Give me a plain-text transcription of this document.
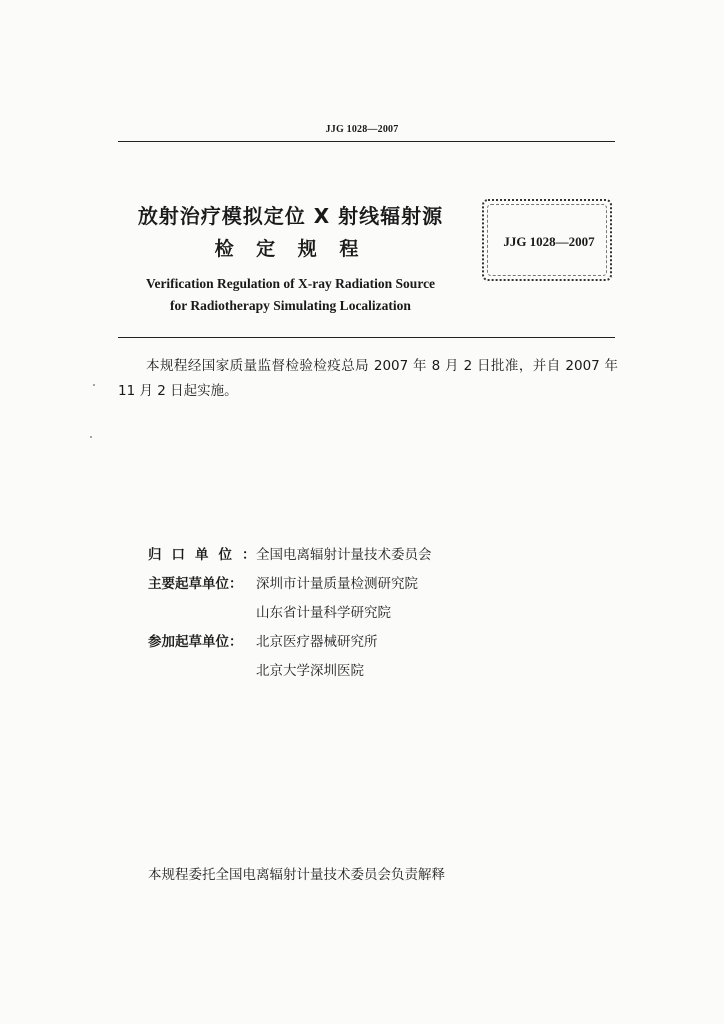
JJG 1028—2007
放射治疗模拟定位 X 射线辐射源
检 定 规 程
Verification Regulation of X-ray Radiation Source
for Radiotherapy Simulating Localization
JJG 1028—2007
本规程经国家质量监督检验检疫总局 2007 年 8 月 2 日批准，并自 2007 年 11 月 2 日起实施。
归口单位：
全国电离辐射计量技术委员会
主要起草单位：	深圳市计量质量检测研究院
山东省计量科学研究院
参加起草单位：	北京医疗器械研究所
北京大学深圳医院
本规程委托全国电离辐射计量技术委员会负责解释
